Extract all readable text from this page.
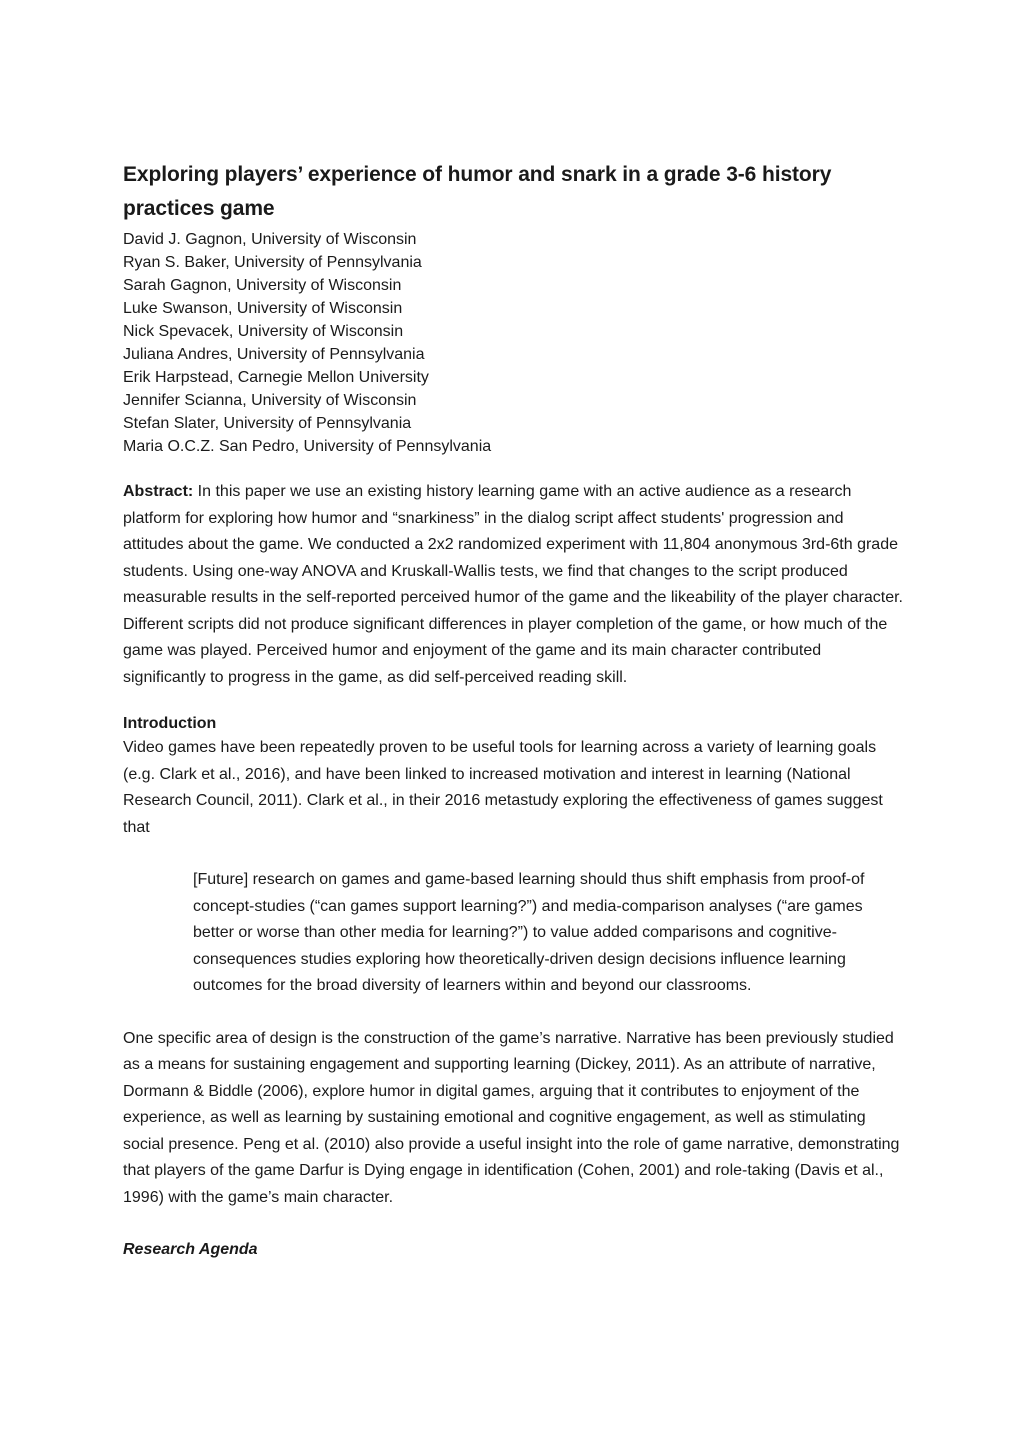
Exploring players’ experience of humor and snark in a grade 3-6 history practices game
David J. Gagnon, University of Wisconsin
Ryan S. Baker, University of Pennsylvania
Sarah Gagnon, University of Wisconsin
Luke Swanson, University of Wisconsin
Nick Spevacek, University of Wisconsin
Juliana Andres, University of Pennsylvania
Erik Harpstead, Carnegie Mellon University
Jennifer Scianna, University of Wisconsin
Stefan Slater, University of Pennsylvania
Maria O.C.Z. San Pedro, University of Pennsylvania

Abstract: In this paper we use an existing history learning game with an active audience as a research platform for exploring how humor and “snarkiness” in the dialog script affect students' progression and attitudes about the game. We conducted a 2x2 randomized experiment with 11,804 anonymous 3rd-6th grade students. Using one-way ANOVA and Kruskall-Wallis tests, we find that changes to the script produced measurable results in the self-reported perceived humor of the game and the likeability of the player character. Different scripts did not produce significant differences in player completion of the game, or how much of the game was played. Perceived humor and enjoyment of the game and its main character contributed significantly to progress in the game, as did self-perceived reading skill.

Introduction

Video games have been repeatedly proven to be useful tools for learning across a variety of learning goals (e.g. Clark et al., 2016), and have been linked to increased motivation and interest in learning (National Research Council, 2011). Clark et al., in their 2016 metastudy exploring the effectiveness of games suggest that

[Future] research on games and game-based learning should thus shift emphasis from proof-of concept-studies (“can games support learning?”) and media-comparison analyses (“are games better or worse than other media for learning?”) to value added comparisons and cognitive-consequences studies exploring how theoretically-driven design decisions influence learning outcomes for the broad diversity of learners within and beyond our classrooms.

One specific area of design is the construction of the game’s narrative. Narrative has been previously studied as a means for sustaining engagement and supporting learning (Dickey, 2011). As an attribute of narrative, Dormann & Biddle (2006), explore humor in digital games, arguing that it contributes to enjoyment of the experience, as well as learning by sustaining emotional and cognitive engagement, as well as stimulating social presence. Peng et al. (2010) also provide a useful insight into the role of game narrative, demonstrating that players of the game Darfur is Dying engage in identification (Cohen, 2001) and role-taking (Davis et al., 1996) with the game’s main character.

Research Agenda
